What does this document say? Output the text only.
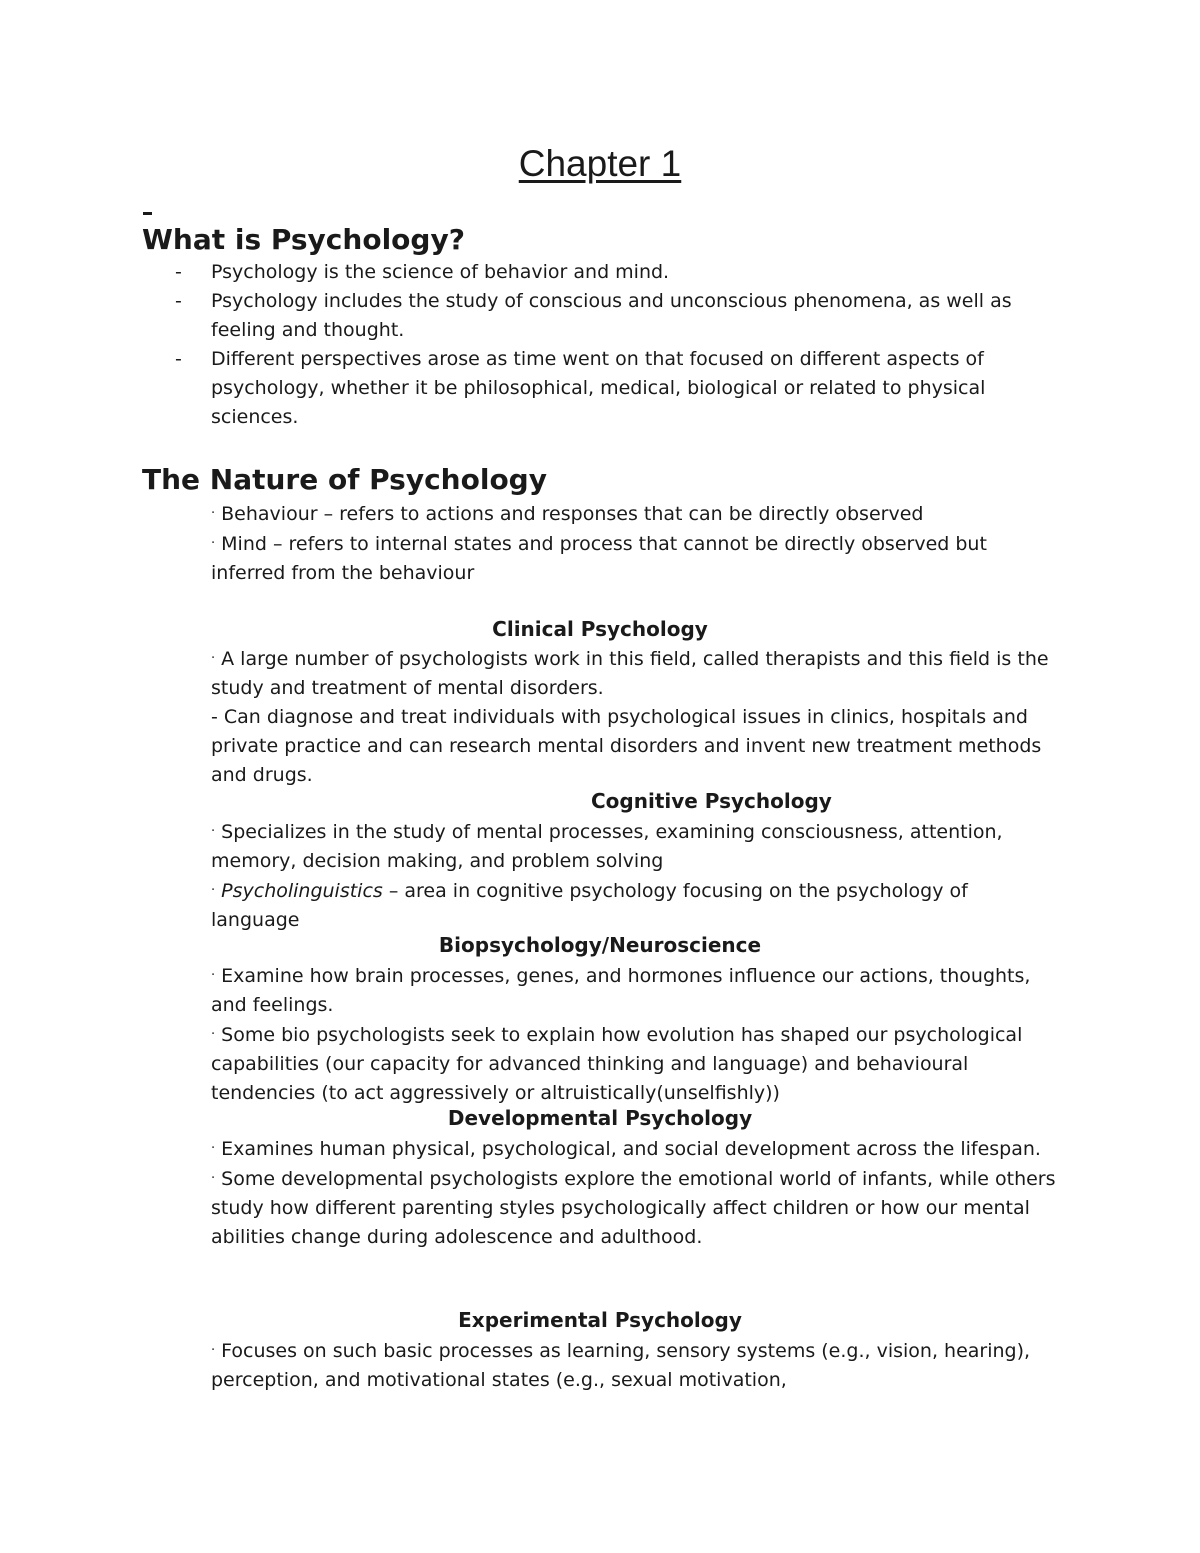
Chapter 1
What is Psychology?
- Psychology is the science of behavior and mind.
- Psychology includes the study of conscious and unconscious phenomena, as well as feeling and thought.
- Different perspectives arose as time went on that focused on different aspects of psychology, whether it be philosophical, medical, biological or related to physical sciences.
The Nature of Psychology

· Behaviour – refers to actions and responses that can be directly observed

· Mind – refers to internal states and process that cannot be directly observed but inferred from the behaviour

Clinical Psychology

· A large number of psychologists work in this field, called therapists and this field is the study and treatment of mental disorders.

- Can diagnose and treat individuals with psychological issues in clinics, hospitals and private practice and can research mental disorders and invent new treatment methods and drugs.

Cognitive Psychology

· Specializes in the study of mental processes, examining consciousness, attention, memory, decision making, and problem solving

· Psycholinguistics – area in cognitive psychology focusing on the psychology of language

Biopsychology/Neuroscience

· Examine how brain processes, genes, and hormones influence our actions, thoughts, and feelings.

· Some bio psychologists seek to explain how evolution has shaped our psychological capabilities (our capacity for advanced thinking and language) and behavioural tendencies (to act aggressively or altruistically(unselfishly))

Developmental Psychology

· Examines human physical, psychological, and social development across the lifespan.

· Some developmental psychologists explore the emotional world of infants, while others study how different parenting styles psychologically affect children or how our mental abilities change during adolescence and adulthood.

Experimental Psychology

· Focuses on such basic processes as learning, sensory systems (e.g., vision, hearing), perception, and motivational states (e.g., sexual motivation,
